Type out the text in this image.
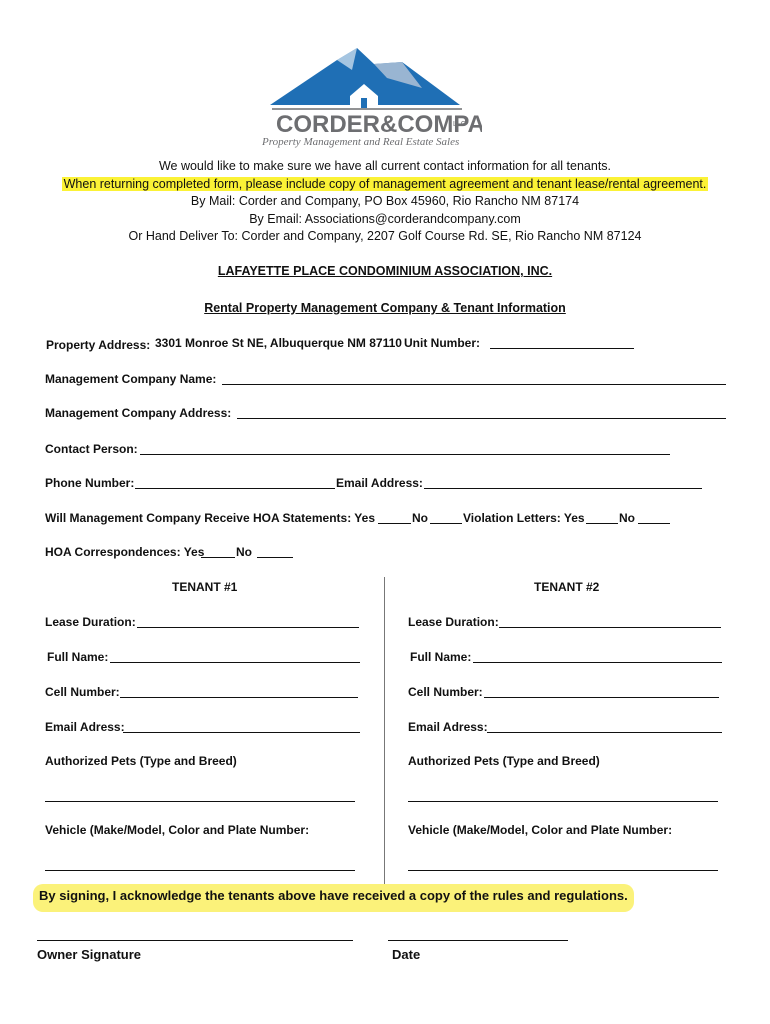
CORDER&COMPA
LLC
Property Management and Real Estate Sales
We would like to make sure we have all current contact information for all tenants.
When returning completed form, please include copy of management agreement and tenant lease/rental agreement.
By Mail: Corder and Company, PO Box 45960, Rio Rancho NM 87174
By Email: Associations@corderandcompany.com
Or Hand Deliver To: Corder and Company, 2207 Golf Course Rd. SE, Rio Rancho NM 87124
LAFAYETTE PLACE CONDOMINIUM ASSOCIATION, INC.
Rental Property Management Company & Tenant Information
Property Address: 3301 Monroe St NE, Albuquerque NM 87110 Unit Number:
Management Company Name:
Management Company Address:
Contact Person:
Phone Number:	Email Address:
Will Management Company Receive HOA Statements: Yes	No	Violation Letters: Yes	No
HOA Correspondences: Yes	No
TENANT #1
Lease Duration:
Full Name:
Cell Number:
Email Adress:
Authorized Pets (Type and Breed)
Vehicle (Make/Model, Color and Plate Number:
TENANT #2
Lease Duration:
Full Name:
Cell Number:
Email Adress:
Authorized Pets (Type and Breed)
Vehicle (Make/Model, Color and Plate Number:
By signing, I acknowledge the tenants above have received a copy of the rules and regulations.
Owner Signature	Date
